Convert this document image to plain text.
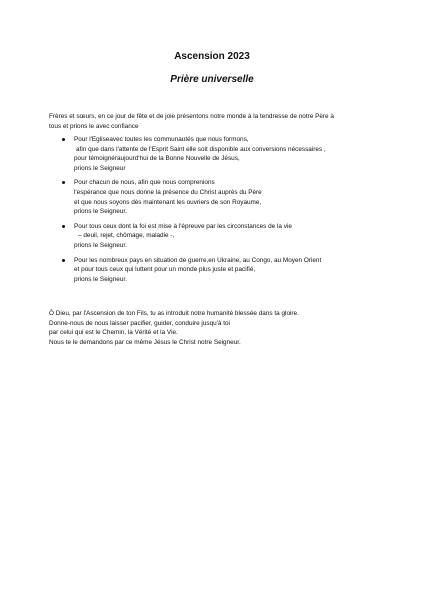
Ascension 2023
Prière universelle
Frères et sœurs, en ce jour de fête et de joie présentons notre monde à la tendresse de notre Père à
tous et prions le avec confiance
Pour l'Egliseavec toutes les communautés que nous formons,
afin que dans l'attente de l'Esprit Saint elle soit disponible aux conversions nécessaires ,
pour témoignéraujourd'hui de la Bonne Nouvelle de Jésus,
prions le Seigneur
Pour chacun de nous, afin que nous comprenions
l'espérance que nous donne la présence du Christ auprès du Père
et que nous soyons dès maintenant les ouvriers de son Royaume,
prions le Seigneur.
Pour tous ceux dont la foi est mise à l'épreuve par les circonstances de la vie
– deuil, rejet, chômage, maladie -,
prions le Seigneur.
Pour les nombreux pays en situation de guerre,en Ukraine, au Congo, au Moyen Orient
et pour tous ceux qui luttent pour un monde plus juste et pacifié,
prions le Seigneur.
Ô Dieu, par l'Ascension de ton Fils, tu as introduit notre humanité blessée dans ta gloire.
Donne-nous de nous laisser pacifier, guider, conduire jusqu'à toi
par celui qui est le Chemin, la Vérité et la Vie.
Nous te le demandons par ce même Jésus le Christ notre Seigneur.
